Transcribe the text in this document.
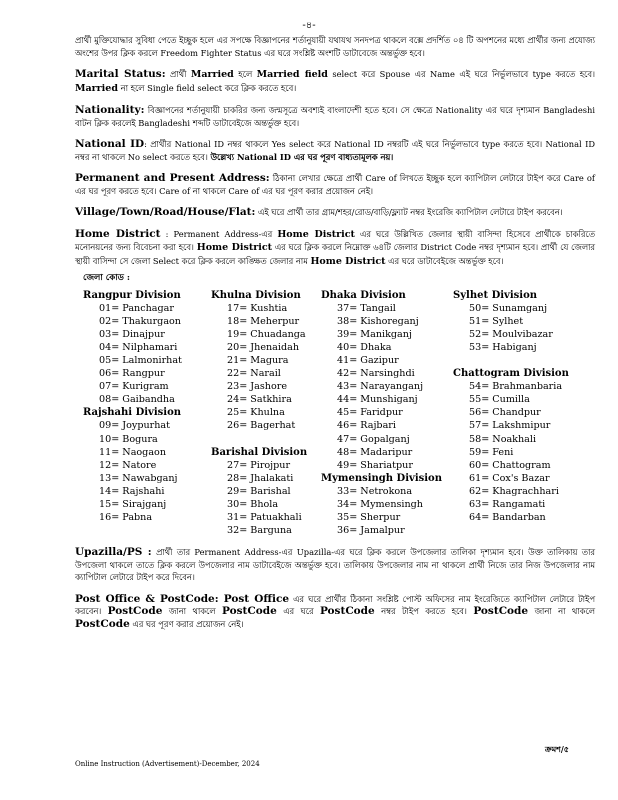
-৪-

প্রার্থী মুক্তিযোদ্ধার সুবিধা পেতে ইচ্ছুক হলে এর সপক্ষে বিজ্ঞাপনের শর্তানুযায়ী যথাযথ সনদপত্র থাকলে বক্সে প্রদর্শিত ০৪ টি অপশনের মধ্যে প্রার্থীর জন্য প্রযোজ্য অংশের উপর ক্লিক করলে Freedom Fighter Status এর ঘরে সংশ্লিষ্ট অংশটি ডাটাবেজে অন্তর্ভুক্ত হবে।

Marital Status: প্রার্থী Married হলে Married field select করে Spouse এর Name এই ঘরে নির্ভুলভাবে type করতে হবে। Married না হলে Single field select করে ক্লিক করতে হবে।

Nationality: বিজ্ঞাপনের শর্তানুযায়ী চাকরির জন্য জন্মসূত্রে অবশ্যই বাংলাদেশী হতে হবে। সে ক্ষেত্রে Nationality এর ঘরে দৃশ্যমান Bangladeshi বাটন ক্লিক করলেই Bangladeshi শব্দটি ডাটাবেইজে অন্তর্ভুক্ত হবে।

National ID: প্রার্থীর National ID নম্বর থাকলে Yes select করে National ID নম্বরটি এই ঘরে নির্ভুলভাবে type করতে হবে। National ID নম্বর না থাকলে No select করতে হবে। উল্লেখ্য National ID এর ঘর পূরণ বাধ্যতামূলক নয়।

Permanent and Present Address: ঠিকানা লেখার ক্ষেত্রে প্রার্থী Care of লিখতে ইচ্ছুক হলে ক্যাপিটাল লেটারে টাইপ করে Care of এর ঘর পূরণ করতে হবে। Care of না থাকলে Care of এর ঘর পূরণ করার প্রয়োজন নেই।

Village/Town/Road/House/Flat: এই ঘরে প্রার্থী তার গ্রাম/শহর/রোড/বাড়ি/ফ্ল্যাট নম্বর ইংরেজি ক্যাপিটাল লেটারে টাইপ করবেন।

Home District : Permanent Address-এর Home District এর ঘরে উল্লিখিত জেলার স্থায়ী বাসিন্দা হিসেবে প্রার্থীকে চাকরিতে মনোনয়নের জন্য বিবেচনা করা হবে। Home District এর ঘরে ক্লিক করলে নিম্নোক্ত ৬৪টি জেলার District Code নম্বর দৃশ্যমান হবে। প্রার্থী যে জেলার স্থায়ী বাসিন্দা সে জেলা Select করে ক্লিক করলে কাঙ্ক্ষিত জেলার নাম Home District এর ঘরে ডাটাবেইজে অন্তর্ভুক্ত হবে।

জেলা কোড :
Rangpur Division
01= Panchagar
02= Thakurgaon
03= Dinajpur
04= Nilphamari
05= Lalmonirhat
06= Rangpur
07= Kurigram
08= Gaibandha
Rajshahi Division
09= Joypurhat
10= Bogura
11= Naogaon
12= Natore
13= Nawabganj
14= Rajshahi
15= Sirajganj
16= Pabna
Khulna Division
17= Kushtia
18= Meherpur
19= Chuadanga
20= Jhenaidah
21= Magura
22= Narail
23= Jashore
24= Satkhira
25= Khulna
26= Bagerhat
Barishal Division
27= Pirojpur
28= Jhalakati
29= Barishal
30= Bhola
31= Patuakhali
32= Barguna
Dhaka Division
37= Tangail
38= Kishoreganj
39= Manikganj
40= Dhaka
41= Gazipur
42= Narsinghdi
43= Narayanganj
44= Munshiganj
45= Faridpur
46= Rajbari
47= Gopalganj
48= Madaripur
49= Shariatpur
Mymensingh Division
33= Netrokona
34= Mymensingh
35= Sherpur
36= Jamalpur
Sylhet Division
50= Sunamganj
51= Sylhet
52= Moulvibazar
53= Habiganj
Chattogram Division
54= Brahmanbaria
55= Cumilla
56= Chandpur
57= Lakshmipur
58= Noakhali
59= Feni
60= Chattogram
61= Cox's Bazar
62= Khagrachhari
63= Rangamati
64= Bandarban

Upazilla/PS : প্রার্থী তার Permanent Address-এর Upazilla-এর ঘরে ক্লিক করলে উপজেলার তালিকা দৃশ্যমান হবে। উক্ত তালিকায় তার উপজেলা থাকলে তাতে ক্লিক করলে উপজেলার নাম ডাটাবেইজে অন্তর্ভুক্ত হবে। তালিকায় উপজেলার নাম না থাকলে প্রার্থী নিজে তার নিজ উপজেলার নাম ক্যাপিটাল লেটারে টাইপ করে দিবেন।

Post Office & PostCode: Post Office এর ঘরে প্রার্থীর ঠিকানা সংশ্লিষ্ট পোস্ট অফিসের নাম ইংরেজিতে ক্যাপিটাল লেটারে টাইপ করবেন। PostCode জানা থাকলে PostCode এর ঘরে PostCode নম্বর টাইপ করতে হবে। PostCode জানা না থাকলে PostCode এর ঘর পূরণ করার প্রয়োজন নেই।

ক্রমশ/৫
Online Instruction (Advertisement)-December, 2024
